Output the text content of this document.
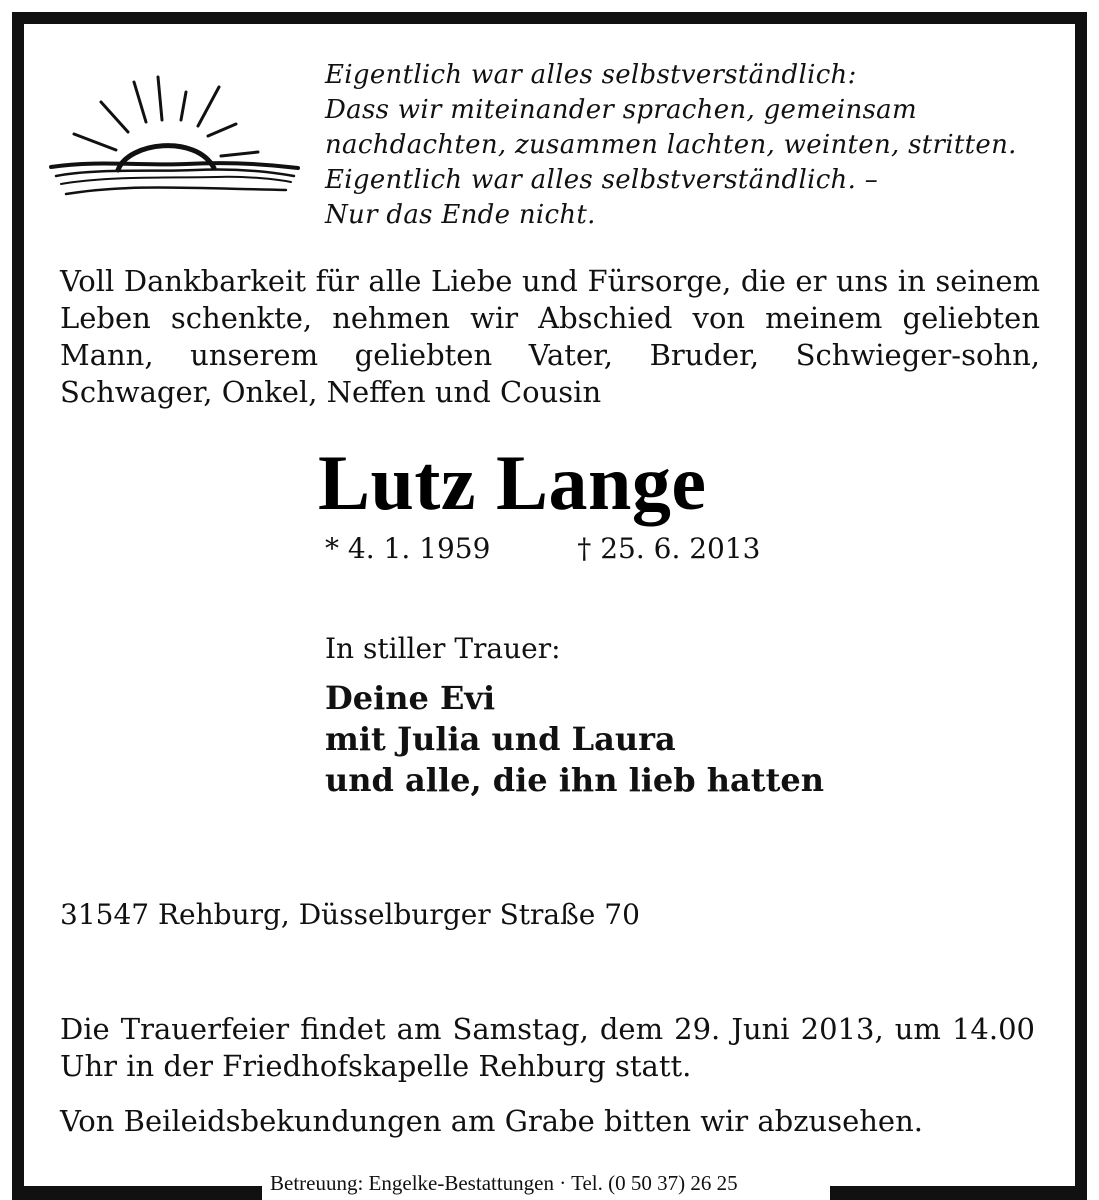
Eigentlich war alles selbstverständlich:
Dass wir miteinander sprachen, gemeinsam
nachdachten, zusammen lachten, weinten, stritten.
Eigentlich war alles selbstverständlich. –
Nur das Ende nicht.
Voll Dankbarkeit für alle Liebe und Fürsorge, die er uns in seinem Leben schenkte, nehmen wir Abschied von meinem geliebten Mann, unserem geliebten Vater, Bruder, Schwieger-sohn, Schwager, Onkel, Neffen und Cousin
Lutz Lange
* 4. 1. 1959	† 25. 6. 2013
In stiller Trauer:
Deine Evi
mit Julia und Laura
und alle, die ihn lieb hatten
31547 Rehburg, Düsselburger Straße 70
Die Trauerfeier findet am Samstag, dem 29. Juni 2013, um 14.00 Uhr in der Friedhofskapelle Rehburg statt.
Von Beileidsbekundungen am Grabe bitten wir abzusehen.
Betreuung: Engelke-Bestattungen · Tel. (0 50 37) 26 25
